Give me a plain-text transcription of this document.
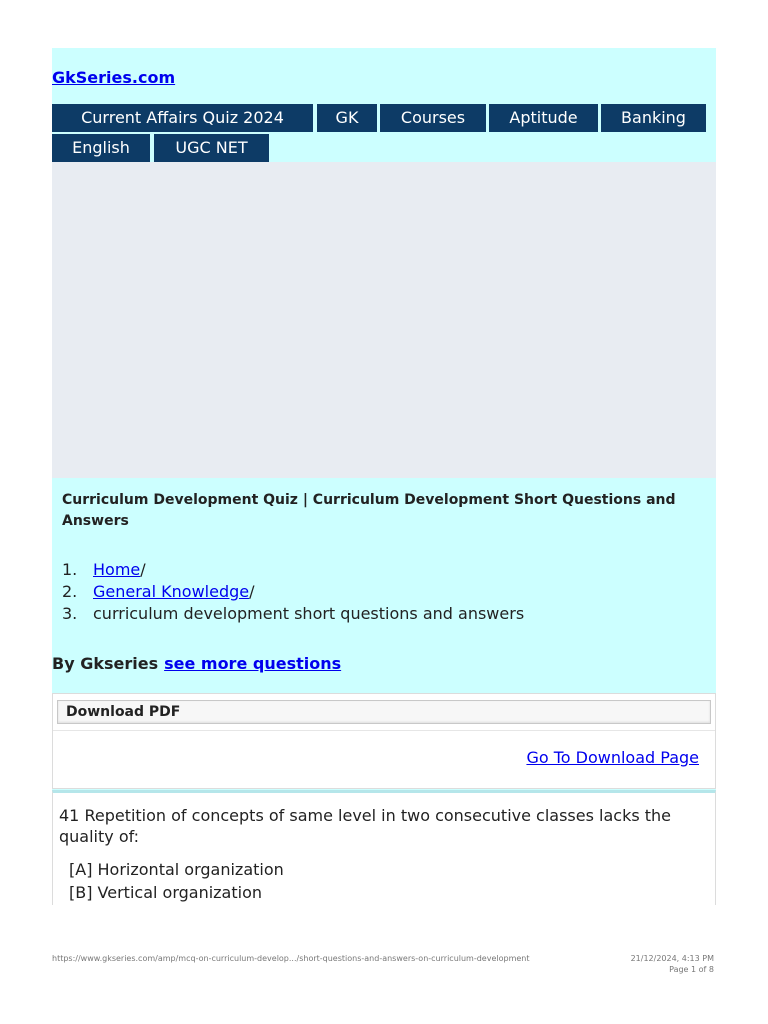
GkSeries.com
Current Affairs Quiz 2024	GK	Courses	Aptitude	Banking
English	UGC NET
Curriculum Development Quiz | Curriculum Development Short Questions and Answers
1. Home/
2. General Knowledge/
3. curriculum development short questions and answers
By Gkseries see more questions
Download PDF
Go To Download Page
41 Repetition of concepts of same level in two consecutive classes lacks the quality of:
[A] Horizontal organization
[B] Vertical organization
https://www.gkseries.com/amp/mcq-on-curriculum-develop.../short-questions-and-answers-on-curriculum-development	21/12/2024, 4:13 PM
Page 1 of 8
